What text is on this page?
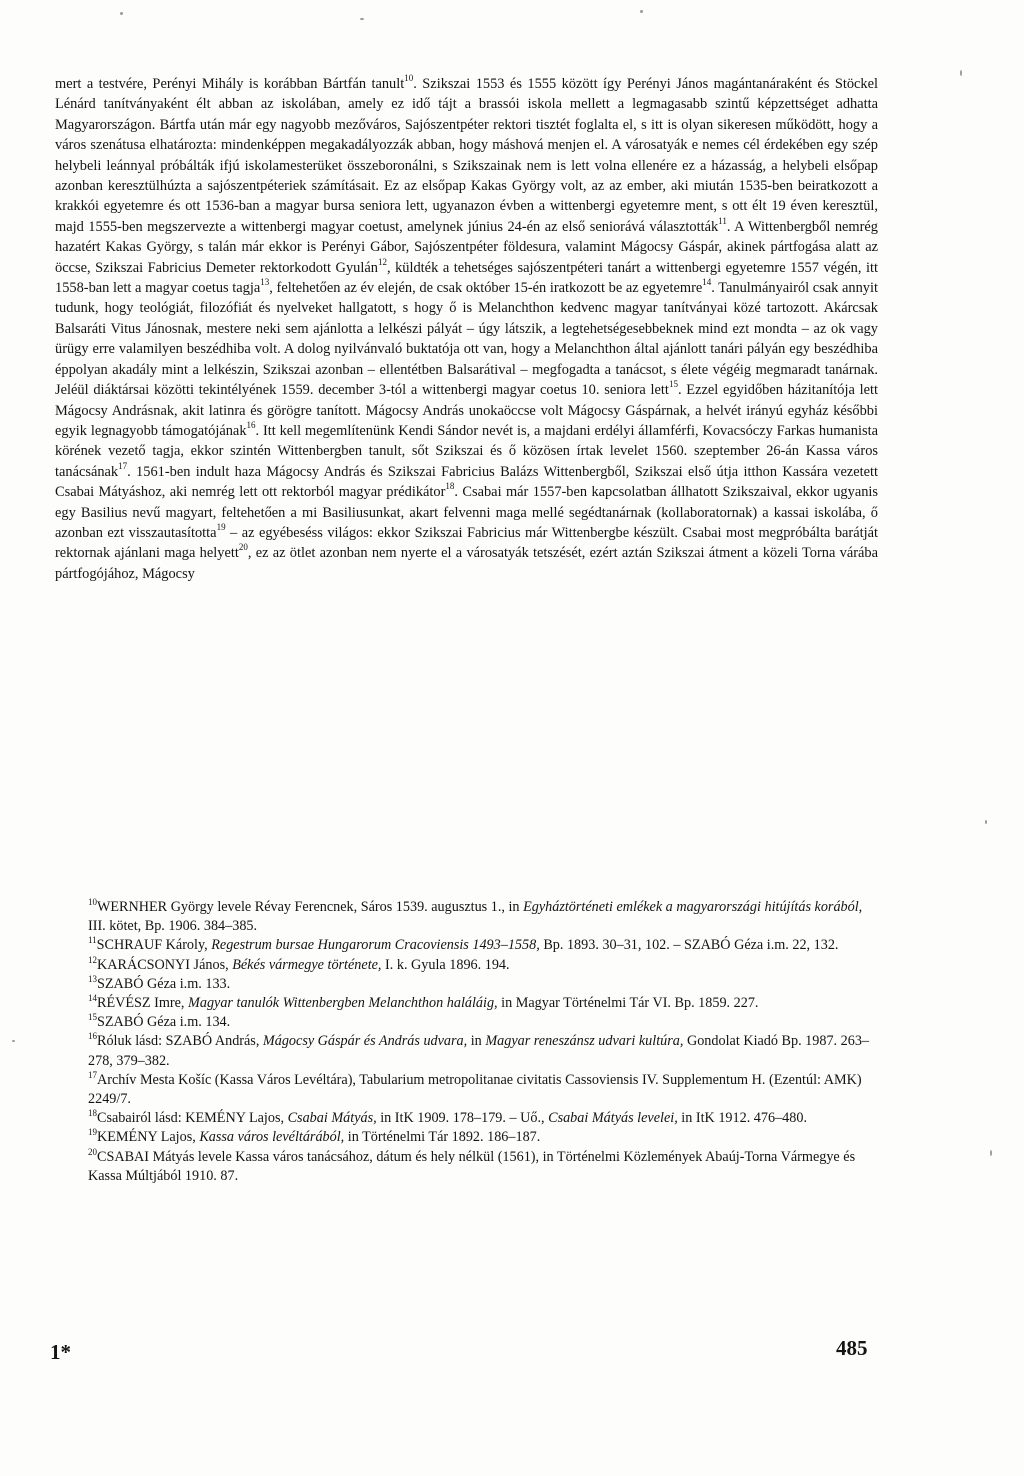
mert a testvére, Perényi Mihály is korábban Bártfán tanult$^{10}$. Szikszai 1553 és 1555 között így Perényi János magántanáraként és Stöckel Lénárd tanítványaként élt abban az iskolában, amely ez idő tájt a brassói iskola mellett a legmagasabb szintű képzettséget adhatta Magyarországon. Bártfa után már egy nagyobb mezőváros, Sajószentpéter rektori tisztét foglalta el, s itt is olyan sikeresen működött, hogy a város szenátusa elhatározta: mindenképpen megakadályozzák abban, hogy máshová menjen el. A városatyák e nemes cél érdekében egy szép helybeli leánnyal próbálták ifjú iskolamesterüket összeboronálni, s Szikszainak nem is lett volna ellenére ez a házasság, a helybeli elsőpap azonban keresztülhúzta a sajószentpéteriek számításait. Ez az elsőpap Kakas György volt, az az ember, aki miután 1535-ben beiratkozott a krakkói egyetemre és ott 1536-ban a magyar bursa seniora lett, ugyanazon évben a wittenbergi egyetemre ment, s ott élt 19 éven keresztül, majd 1555-ben megszervezte a wittenbergi magyar coetust, amelynek június 24-én az első seniorává választották$^{11}$. A Wittenbergből nemrég hazatért Kakas György, s talán már ekkor is Perényi Gábor, Sajószentpéter földesura, valamint Mágocsy Gáspár, akinek pártfogása alatt az öccse, Szikszai Fabricius Demeter rektorkodott Gyulán$^{12}$, küldték a tehetséges sajószentpéteri tanárt a wittenbergi egyetemre 1557 végén, itt 1558-ban lett a magyar coetus tagja$^{13}$, feltehetően az év elején, de csak október 15-én iratkozott be az egyetemre$^{14}$. Tanulmányairól csak annyit tudunk, hogy teológiát, filozófiát és nyelveket hallgatott, s hogy ő is Melanchthon kedvenc magyar tanítványai közé tartozott. Akárcsak Balsaráti Vitus Jánosnak, mestere neki sem ajánlotta a lelkészi pályát – úgy látszik, a legtehetségesebbeknek mind ezt mondta – az ok vagy ürügy erre valamilyen beszédhiba volt. A dolog nyilvánvaló buktatója ott van, hogy a Melanchthon által ajánlott tanári pályán egy beszédhiba éppolyan akadály mint a lelkészin, Szikszai azonban – ellentétben Balsarátival – megfogadta a tanácsot, s élete végéig megmaradt tanárnak. Jeléül diáktársai közötti tekintélyének 1559. december 3-tól a wittenbergi magyar coetus 10. seniora lett$^{15}$. Ezzel egyidőben házitanítója lett Mágocsy Andrásnak, akit latinra és görögre tanított. Mágocsy András unokaöccse volt Mágocsy Gáspárnak, a helvét irányú egyház későbbi egyik legnagyobb támogatójának$^{16}$. Itt kell megemlítenünk Kendi Sándor nevét is, a majdani erdélyi államférfi, Kovacsóczy Farkas humanista körének vezető tagja, ekkor szintén Wittenbergben tanult, sőt Szikszai és ő közösen írtak levelet 1560. szeptember 26-án Kassa város tanácsának$^{17}$. 1561-ben indult haza Mágocsy András és Szikszai Fabricius Balázs Wittenbergből, Szikszai első útja itthon Kassára vezetett Csabai Mátyáshoz, aki nemrég lett ott rektorból magyar prédikátor$^{18}$. Csabai már 1557-ben kapcsolatban állhatott Szikszaival, ekkor ugyanis egy Basilius nevű magyart, feltehetően a mi Basiliusunkat, akart felvenni maga mellé segédtanárnak (kollaboratornak) a kassai iskolába, ő azonban ezt visszautasította$^{19}$ – az egyébeséss világos: ekkor Szikszai Fabricius már Wittenbergbe készült. Csabai most megpróbálta barátját rektornak ajánlani maga helyett$^{20}$, ez az ötlet azonban nem nyerte el a városatyák tetszését, ezért aztán Szikszai átment a közeli Torna várába pártfogójához, Mágocsy

$^{10}$WERNHER György levele Révay Ferencnek, Sáros 1539. augusztus 1., in Egyháztörténeti emlékek a magyarországi hitújítás korából, III. kötet, Bp. 1906. 384–385.

$^{11}$SCHRAUF Károly, Regestrum bursae Hungarorum Cracoviensis 1493–1558, Bp. 1893. 30–31, 102. – SZABÓ Géza i.m. 22, 132.

$^{12}$KARÁCSONYI János, Békés vármegye története, I. k. Gyula 1896. 194.

$^{13}$SZABÓ Géza i.m. 133.

$^{14}$RÉVÉSZ Imre, Magyar tanulók Wittenbergben Melanchthon haláláig, in Magyar Történelmi Tár VI. Bp. 1859. 227.

$^{15}$SZABÓ Géza i.m. 134.

$^{16}$Róluk lásd: SZABÓ András, Mágocsy Gáspár és András udvara, in Magyar reneszánsz udvari kultúra, Gondolat Kiadó Bp. 1987. 263–278, 379–382.

$^{17}$Archív Mesta Košíc (Kassa Város Levéltára), Tabularium metropolitanae civitatis Cassoviensis IV. Supplementum H. (Ezentúl: AMK) 2249/7.

$^{18}$Csabairól lásd: KEMÉNY Lajos, Csabai Mátyás, in ItK 1909. 178–179. – Uő., Csabai Mátyás levelei, in ItK 1912. 476–480.

$^{19}$KEMÉNY Lajos, Kassa város levéltárából, in Történelmi Tár 1892. 186–187.

$^{20}$CSABAI Mátyás levele Kassa város tanácsához, dátum és hely nélkül (1561), in Történelmi Közlemények Abaúj-Torna Vármegye és Kassa Múltjából 1910. 87.

1*	485
